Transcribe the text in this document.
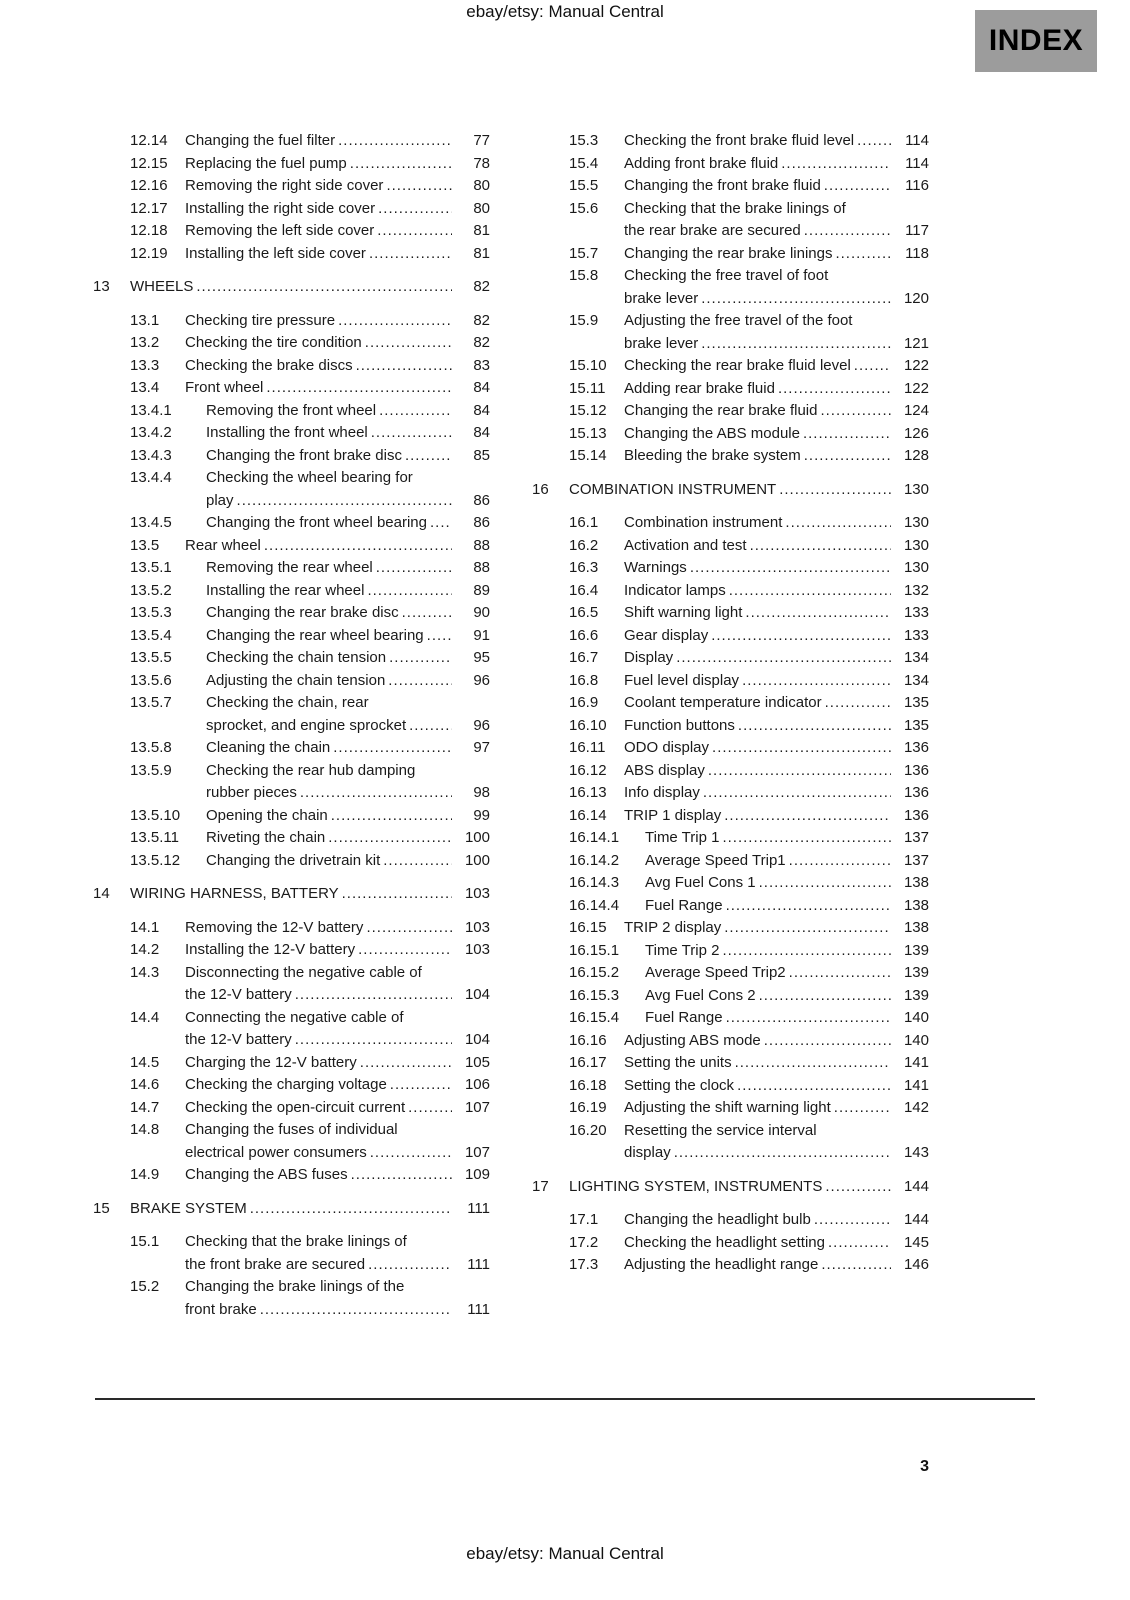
ebay/etsy: Manual Central
INDEX
12.14	Changing the fuel filter .....	77
12.15	Replacing the fuel pump .....	78
12.16	Removing the right side cover .....	80
12.17	Installing the right side cover .....	80
12.18	Removing the left side cover .....	81
12.19	Installing the left side cover .....	81
13	WHEELS .....	82
13.1	Checking tire pressure .....	82
13.2	Checking the tire condition .....	82
13.3	Checking the brake discs .....	83
13.4	Front wheel .....	84
13.4.1	Removing the front wheel .....	84
13.4.2	Installing the front wheel .....	84
13.4.3	Changing the front brake disc .....	85
13.4.4	Checking the wheel bearing for play .....	86
13.4.5	Changing the front wheel bearing .....	86
13.5	Rear wheel .....	88
13.5.1	Removing the rear wheel .....	88
13.5.2	Installing the rear wheel .....	89
13.5.3	Changing the rear brake disc .....	90
13.5.4	Changing the rear wheel bearing .....	91
13.5.5	Checking the chain tension .....	95
13.5.6	Adjusting the chain tension .....	96
13.5.7	Checking the chain, rear sprocket, and engine sprocket .....	96
13.5.8	Cleaning the chain .....	97
13.5.9	Checking the rear hub damping rubber pieces .....	98
13.5.10	Opening the chain .....	99
13.5.11	Riveting the chain .....	100
13.5.12	Changing the drivetrain kit .....	100
14	WIRING HARNESS, BATTERY .....	103
14.1	Removing the 12-V battery .....	103
14.2	Installing the 12-V battery .....	103
14.3	Disconnecting the negative cable of the 12-V battery .....	104
14.4	Connecting the negative cable of the 12-V battery .....	104
14.5	Charging the 12-V battery .....	105
14.6	Checking the charging voltage .....	106
14.7	Checking the open-circuit current .....	107
14.8	Changing the fuses of individual electrical power consumers .....	107
14.9	Changing the ABS fuses .....	109
15	BRAKE SYSTEM .....	111
15.1	Checking that the brake linings of the front brake are secured .....	111
15.2	Changing the brake linings of the front brake .....	111
15.3	Checking the front brake fluid level .....	114
15.4	Adding front brake fluid .....	114
15.5	Changing the front brake fluid .....	116
15.6	Checking that the brake linings of the rear brake are secured .....	117
15.7	Changing the rear brake linings .....	118
15.8	Checking the free travel of foot brake lever .....	120
15.9	Adjusting the free travel of the foot brake lever .....	121
15.10	Checking the rear brake fluid level .....	122
15.11	Adding rear brake fluid .....	122
15.12	Changing the rear brake fluid .....	124
15.13	Changing the ABS module .....	126
15.14	Bleeding the brake system .....	128
16	COMBINATION INSTRUMENT .....	130
16.1	Combination instrument .....	130
16.2	Activation and test .....	130
16.3	Warnings .....	130
16.4	Indicator lamps .....	132
16.5	Shift warning light .....	133
16.6	Gear display .....	133
16.7	Display .....	134
16.8	Fuel level display .....	134
16.9	Coolant temperature indicator .....	135
16.10	Function buttons .....	135
16.11	ODO display .....	136
16.12	ABS display .....	136
16.13	Info display .....	136
16.14	TRIP 1 display .....	136
16.14.1	Time Trip 1 .....	137
16.14.2	Average Speed Trip1 .....	137
16.14.3	Avg Fuel Cons 1 .....	138
16.14.4	Fuel Range .....	138
16.15	TRIP 2 display .....	138
16.15.1	Time Trip 2 .....	139
16.15.2	Average Speed Trip2 .....	139
16.15.3	Avg Fuel Cons 2 .....	139
16.15.4	Fuel Range .....	140
16.16	Adjusting ABS mode .....	140
16.17	Setting the units .....	141
16.18	Setting the clock .....	141
16.19	Adjusting the shift warning light .....	142
16.20	Resetting the service interval display .....	143
17	LIGHTING SYSTEM, INSTRUMENTS .....	144
17.1	Changing the headlight bulb .....	144
17.2	Checking the headlight setting .....	145
17.3	Adjusting the headlight range .....	146
3
ebay/etsy: Manual Central
